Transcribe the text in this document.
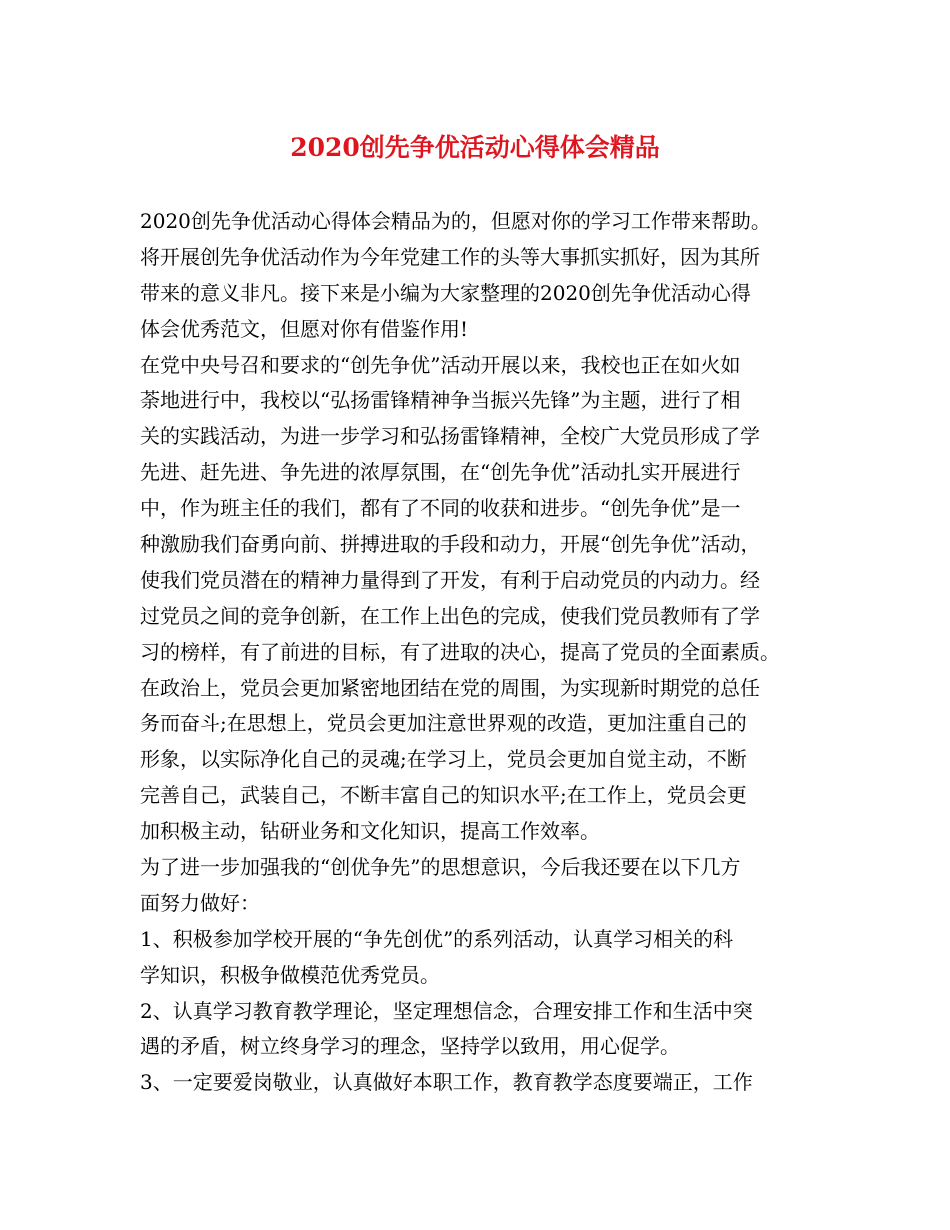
2020创先争优活动心得体会精品
2020创先争优活动心得体会精品为的，但愿对你的学习工作带来帮助。
将开展创先争优活动作为今年党建工作的头等大事抓实抓好，因为其所
带来的意义非凡。接下来是小编为大家整理的2020创先争优活动心得
体会优秀范文，但愿对你有借鉴作用!
在党中央号召和要求的“创先争优”活动开展以来，我校也正在如火如
荼地进行中，我校以“弘扬雷锋精神争当振兴先锋”为主题，进行了相
关的实践活动，为进一步学习和弘扬雷锋精神，全校广大党员形成了学
先进、赶先进、争先进的浓厚氛围，在“创先争优”活动扎实开展进行
中，作为班主任的我们，都有了不同的收获和进步。“创先争优”是一
种激励我们奋勇向前、拼搏进取的手段和动力，开展“创先争优”活动，
使我们党员潜在的精神力量得到了开发，有利于启动党员的内动力。经
过党员之间的竞争创新，在工作上出色的完成，使我们党员教师有了学
习的榜样，有了前进的目标，有了进取的决心，提高了党员的全面素质。
在政治上，党员会更加紧密地团结在党的周围，为实现新时期党的总任
务而奋斗;在思想上，党员会更加注意世界观的改造，更加注重自己的
形象，以实际净化自己的灵魂;在学习上，党员会更加自觉主动，不断
完善自己，武装自己，不断丰富自己的知识水平;在工作上，党员会更
加积极主动，钻研业务和文化知识，提高工作效率。
为了进一步加强我的“创优争先”的思想意识，今后我还要在以下几方
面努力做好：
1、积极参加学校开展的“争先创优”的系列活动，认真学习相关的科
学知识，积极争做模范优秀党员。
2、认真学习教育教学理论，坚定理想信念，合理安排工作和生活中突
遇的矛盾，树立终身学习的理念，坚持学以致用，用心促学。
3、一定要爱岗敬业，认真做好本职工作，教育教学态度要端正，工作
